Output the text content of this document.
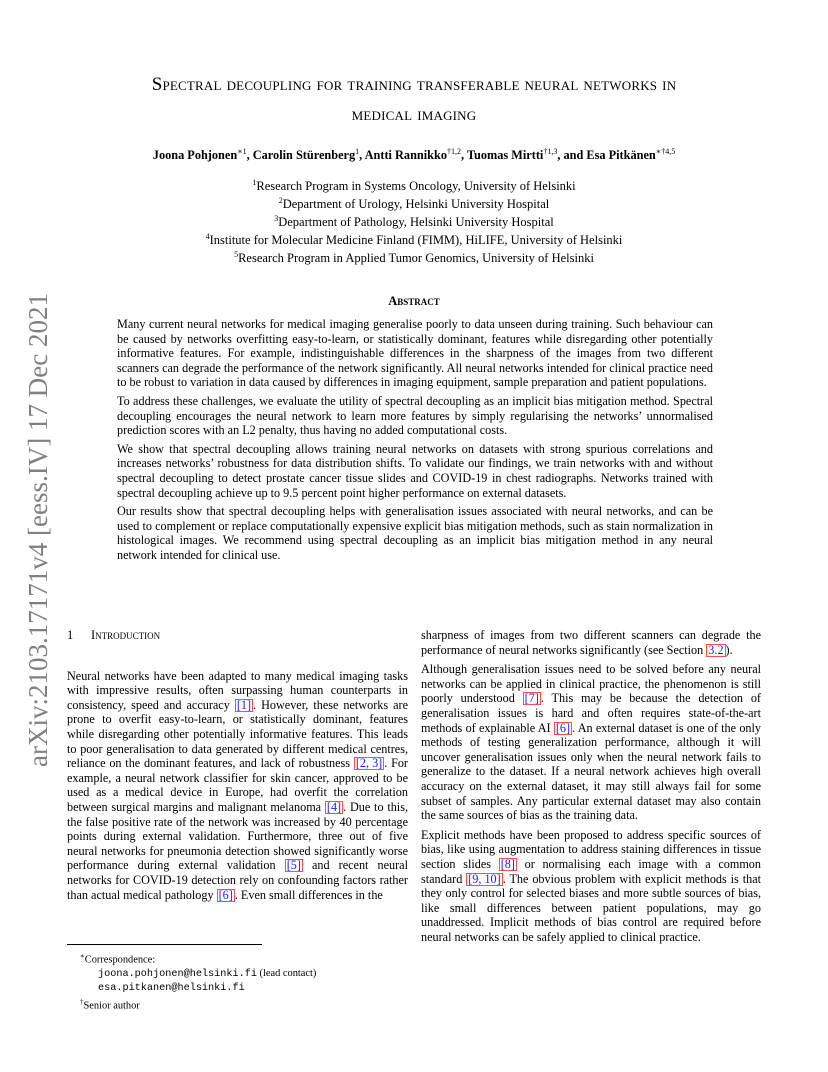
arXiv:2103.17171v4 [eess.IV] 17 Dec 2021
Spectral decoupling for training transferable neural networks in
medical imaging
Joona Pohjonen$^{∗1}$, Carolin Stürenberg$^1$, Antti Rannikko$^{\dagger 1,2}$, Tuomas Mirtti$^{\dagger 1,3}$, and Esa Pitkänen$^{∗\dagger 4,5}$
$^1$Research Program in Systems Oncology, University of Helsinki
$^2$Department of Urology, Helsinki University Hospital
$^3$Department of Pathology, Helsinki University Hospital
$^4$Institute for Molecular Medicine Finland (FIMM), HiLIFE, University of Helsinki
$^5$Research Program in Applied Tumor Genomics, University of Helsinki
Abstract

Many current neural networks for medical imaging generalise poorly to data unseen during training. Such behaviour can be caused by networks overfitting easy-to-learn, or statistically dominant, features while disregarding other potentially informative features. For example, indistinguishable differences in the sharpness of the images from two different scanners can degrade the performance of the network significantly. All neural networks intended for clinical practice need to be robust to variation in data caused by differences in imaging equipment, sample preparation and patient populations.

To address these challenges, we evaluate the utility of spectral decoupling as an implicit bias mitigation method. Spectral decoupling encourages the neural network to learn more features by simply regularising the networks’ unnormalised prediction scores with an L2 penalty, thus having no added computational costs.

We show that spectral decoupling allows training neural networks on datasets with strong spurious correlations and increases networks’ robustness for data distribution shifts. To validate our findings, we train networks with and without spectral decoupling to detect prostate cancer tissue slides and COVID-19 in chest radiographs. Networks trained with spectral decoupling achieve up to 9.5 percent point higher performance on external datasets.

Our results show that spectral decoupling helps with generalisation issues associated with neural networks, and can be used to complement or replace computationally expensive explicit bias mitigation methods, such as stain normalization in histological images. We recommend using spectral decoupling as an implicit bias mitigation method in any neural network intended for clinical use.

1 Introduction

Neural networks have been adapted to many medical imaging tasks with impressive results, often surpassing human counterparts in consistency, speed and accuracy [1] . However, these networks are prone to overfit easy-to-learn, or statistically dominant, features while disregarding other potentially informative features. This leads to poor generalisation to data generated by different medical centres, reliance on the dominant features, and lack of robustness [2, 3] . For example, a neural network classifier for skin cancer, approved to be used as a medical device in Europe, had overfit the correlation between surgical margins and malignant melanoma [4] . Due to this, the false positive rate of the network was increased by 40 percentage points during external validation. Furthermore, three out of five neural networks for pneumonia detection showed significantly worse performance during external validation [5] and recent neural networks for COVID-19 detection rely on confounding factors rather than actual medical pathology [6] . Even small differences in the

sharpness of images from two different scanners can degrade the performance of neural networks significantly (see Section 3.2 ).

Although generalisation issues need to be solved before any neural networks can be applied in clinical practice, the phenomenon is still poorly understood [7] . This may be because the detection of generalisation issues is hard and often requires state-of-the-art methods of explainable AI [6] . An external dataset is one of the only methods of testing generalization performance, although it will uncover generalisation issues only when the neural network fails to generalize to the dataset. If a neural network achieves high overall accuracy on the external dataset, it may still always fail for some subset of samples. Any particular external dataset may also contain the same sources of bias as the training data.

Explicit methods have been proposed to address specific sources of bias, like using augmentation to address staining differences in tissue section slides [8] or normalising each image with a common standard [9, 10] . The obvious problem with explicit methods is that they only control for selected biases and more subtle sources of bias, like small differences between patient populations, may go unaddressed. Implicit methods of bias control are required before neural networks can be safely applied to clinical practice.

∗Correspondence:
joona.pohjonen@helsinki.fi (lead contact)
esa.pitkanen@helsinki.fi
†Senior author
